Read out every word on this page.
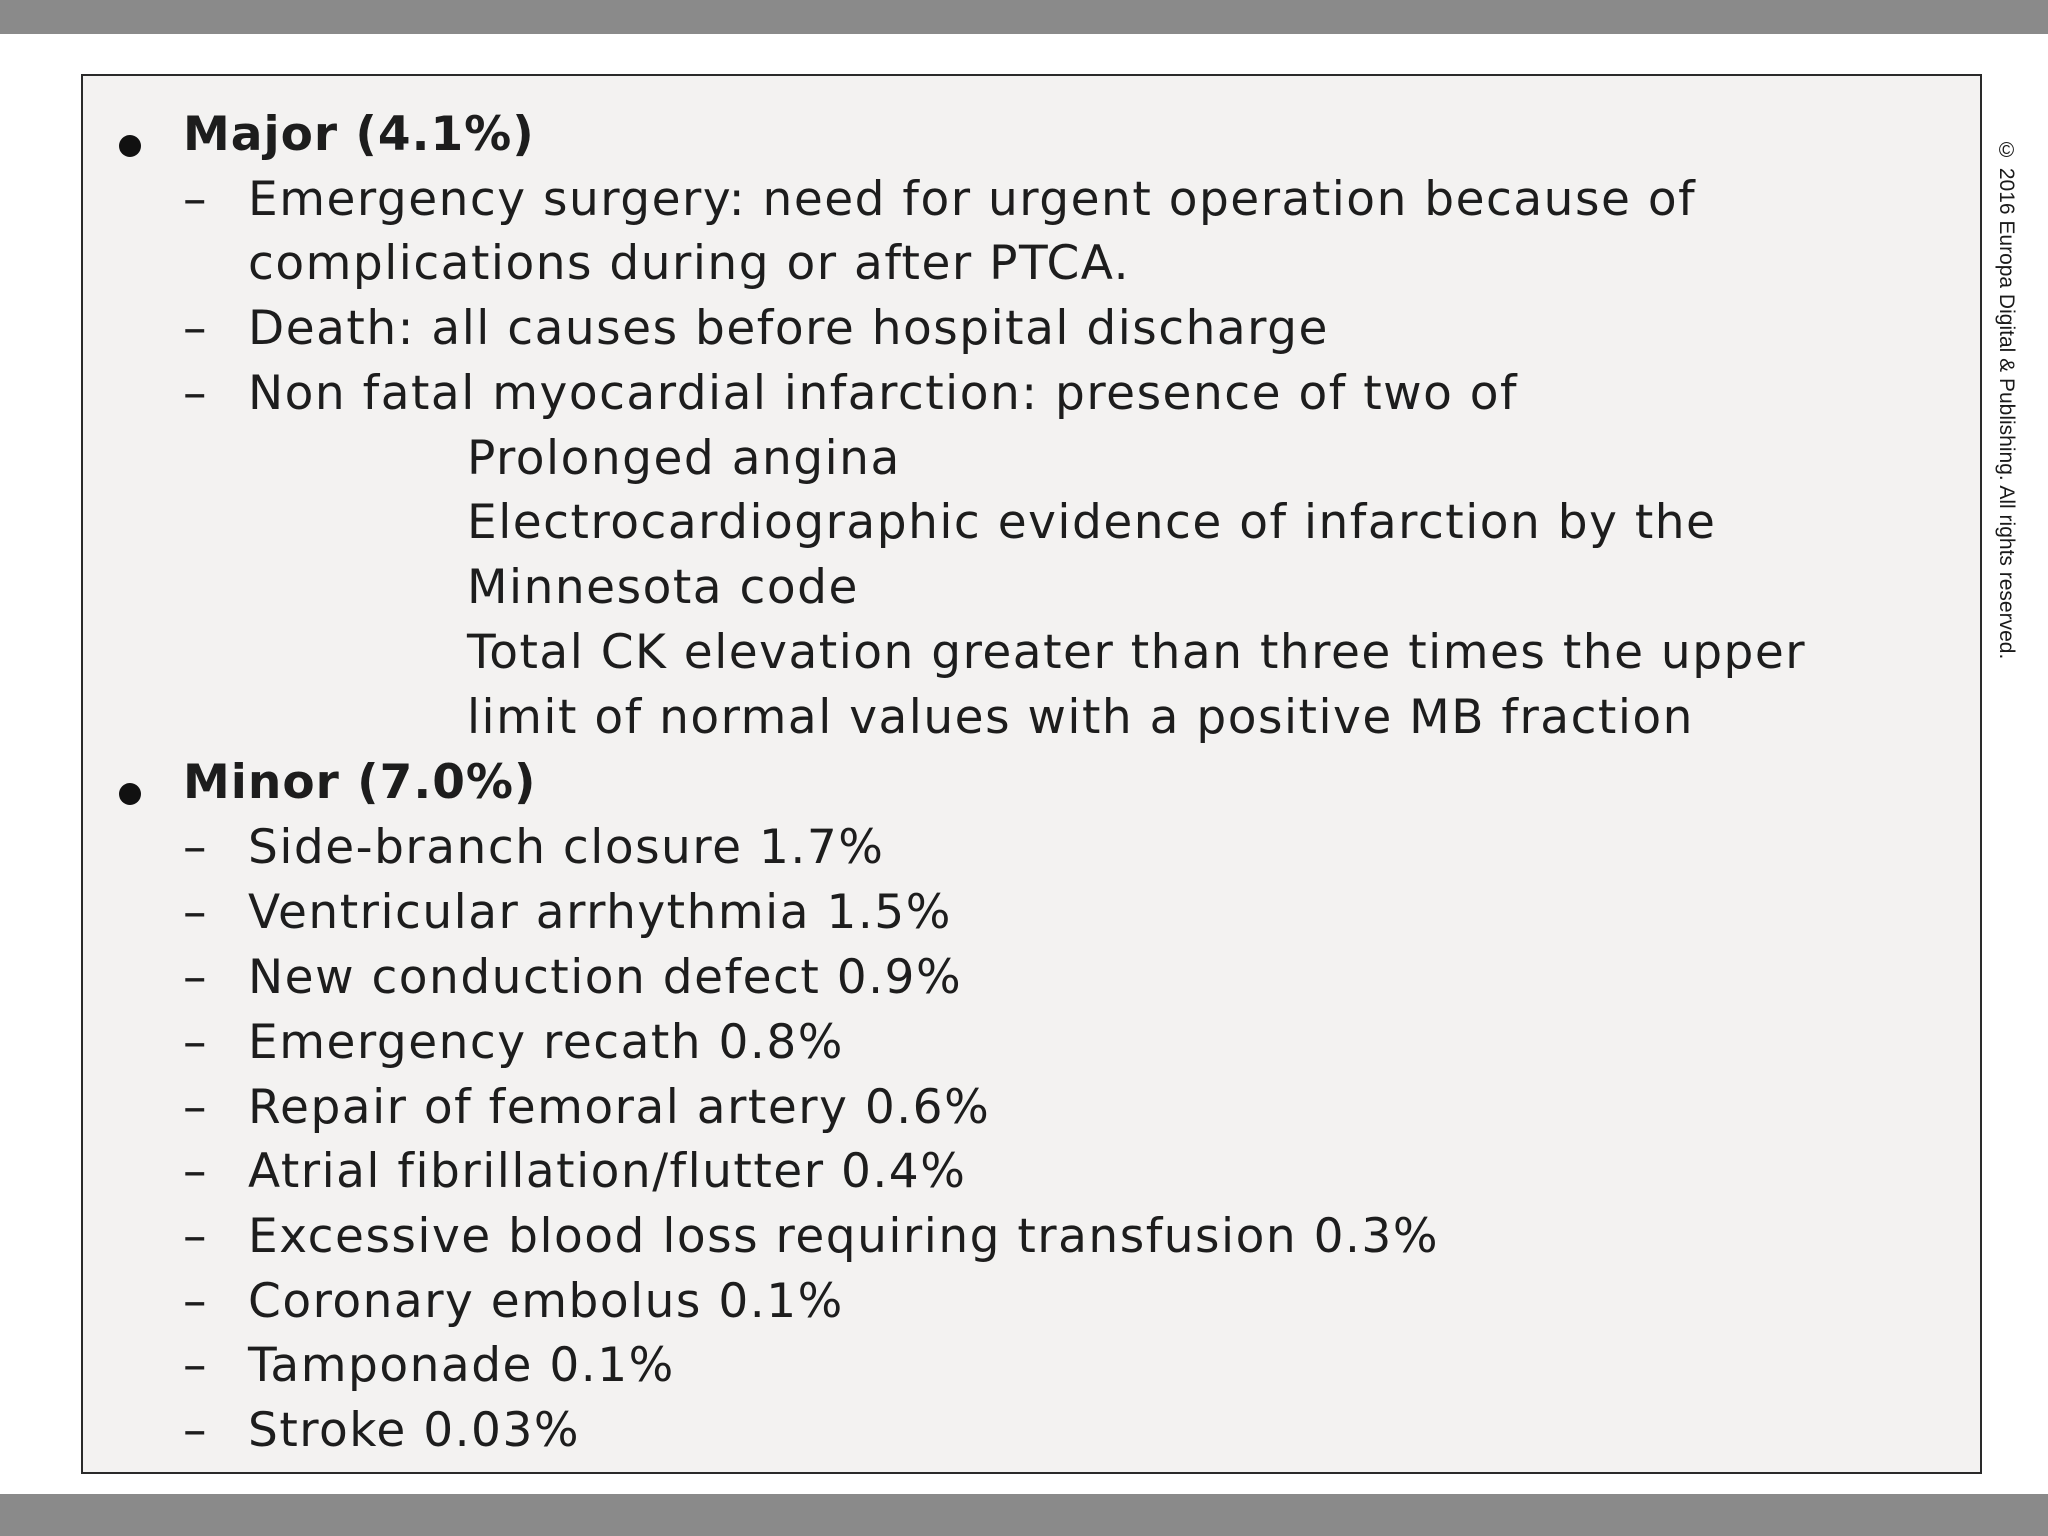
Major (4.1%)
– Emergency surgery: need for urgent operation because of
complications during or after PTCA.
– Death: all causes before hospital discharge
– Non fatal myocardial infarction: presence of two of
Prolonged angina
Electrocardiographic evidence of infarction by the
Minnesota code
Total CK elevation greater than three times the upper
limit of normal values with a positive MB fraction
Minor (7.0%)
– Side-branch closure 1.7%
– Ventricular arrhythmia 1.5%
– New conduction defect 0.9%
– Emergency recath 0.8%
– Repair of femoral artery 0.6%
– Atrial fibrillation/flutter 0.4%
– Excessive blood loss requiring transfusion 0.3%
– Coronary embolus 0.1%
– Tamponade 0.1%
– Stroke 0.03%
© 2016 Europa Digital & Publishing. All rights reserved.
